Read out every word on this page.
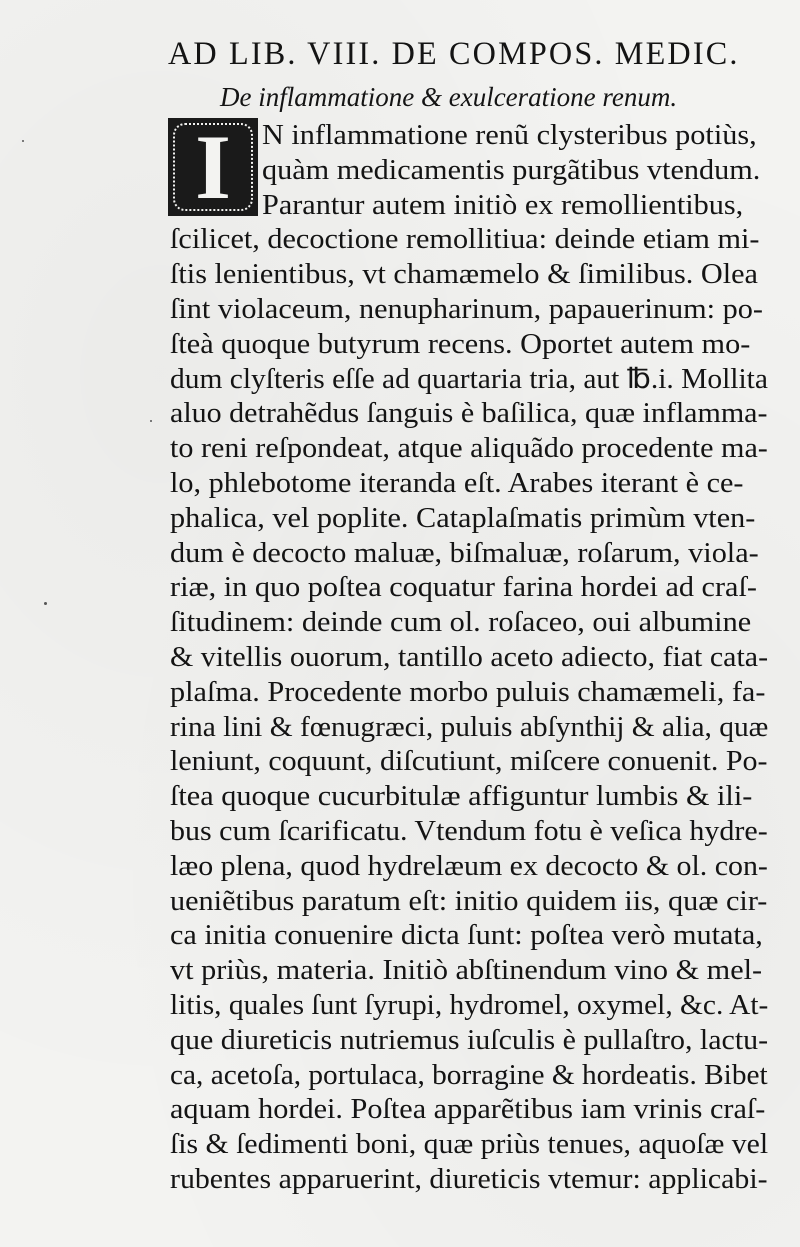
AD LIB. VIII. DE COMPOS. MEDIC.
De inflammatione & exulceratione renum.
I N inflammatione renũ clysteribus potiùs,
quàm medicamentis purgãtibus vtendum.
Parantur autem initiò ex remollientibus,
ſcilicet, decoctione remollitiua: deinde etiam mi-
ſtis lenientibus, vt chamæmelo & ſimilibus. Olea
ſint violaceum, nenupharinum, papauerinum: po-
ſteà quoque butyrum recens. Oportet autem mo-
dum clyſteris eſſe ad quartaria tria, aut ℔.i. Mollita
aluo detrahẽdus ſanguis è baſilica, quæ inflamma-
to reni reſpondeat, atque aliquãdo procedente ma-
lo, phlebotome iteranda eſt. Arabes iterant è ce-
phalica, vel poplite. Cataplaſmatis primùm vten-
dum è decocto maluæ, biſmaluæ, roſarum, viola-
riæ, in quo poſtea coquatur farina hordei ad craſ-
ſitudinem: deinde cum ol. roſaceo, oui albumine
& vitellis ouorum, tantillo aceto adiecto, fiat cata-
plaſma. Procedente morbo puluis chamæmeli, fa-
rina lini & fœnugræci, puluis abſynthij & alia, quæ
leniunt, coquunt, diſcutiunt, miſcere conuenit. Po-
ſtea quoque cucurbitulæ affiguntur lumbis & ili-
bus cum ſcarificatu. Vtendum fotu è veſica hydre-
læo plena, quod hydrelæum ex decocto & ol. con-
ueniẽtibus paratum eſt: initio quidem iis, quæ cir-
ca initia conuenire dicta ſunt: poſtea verò mutata,
vt priùs, materia. Initiò abſtinendum vino & mel-
litis, quales ſunt ſyrupi, hydromel, oxymel, &c. At-
que diureticis nutriemus iuſculis è pullaſtro, lactu-
ca, acetoſa, portulaca, borragine & hordeatis. Bibet
aquam hordei. Poſtea apparẽtibus iam vrinis craſ-
ſis & ſedimenti boni, quæ priùs tenues, aquoſæ vel
rubentes apparuerint, diureticis vtemur: applicabi-
